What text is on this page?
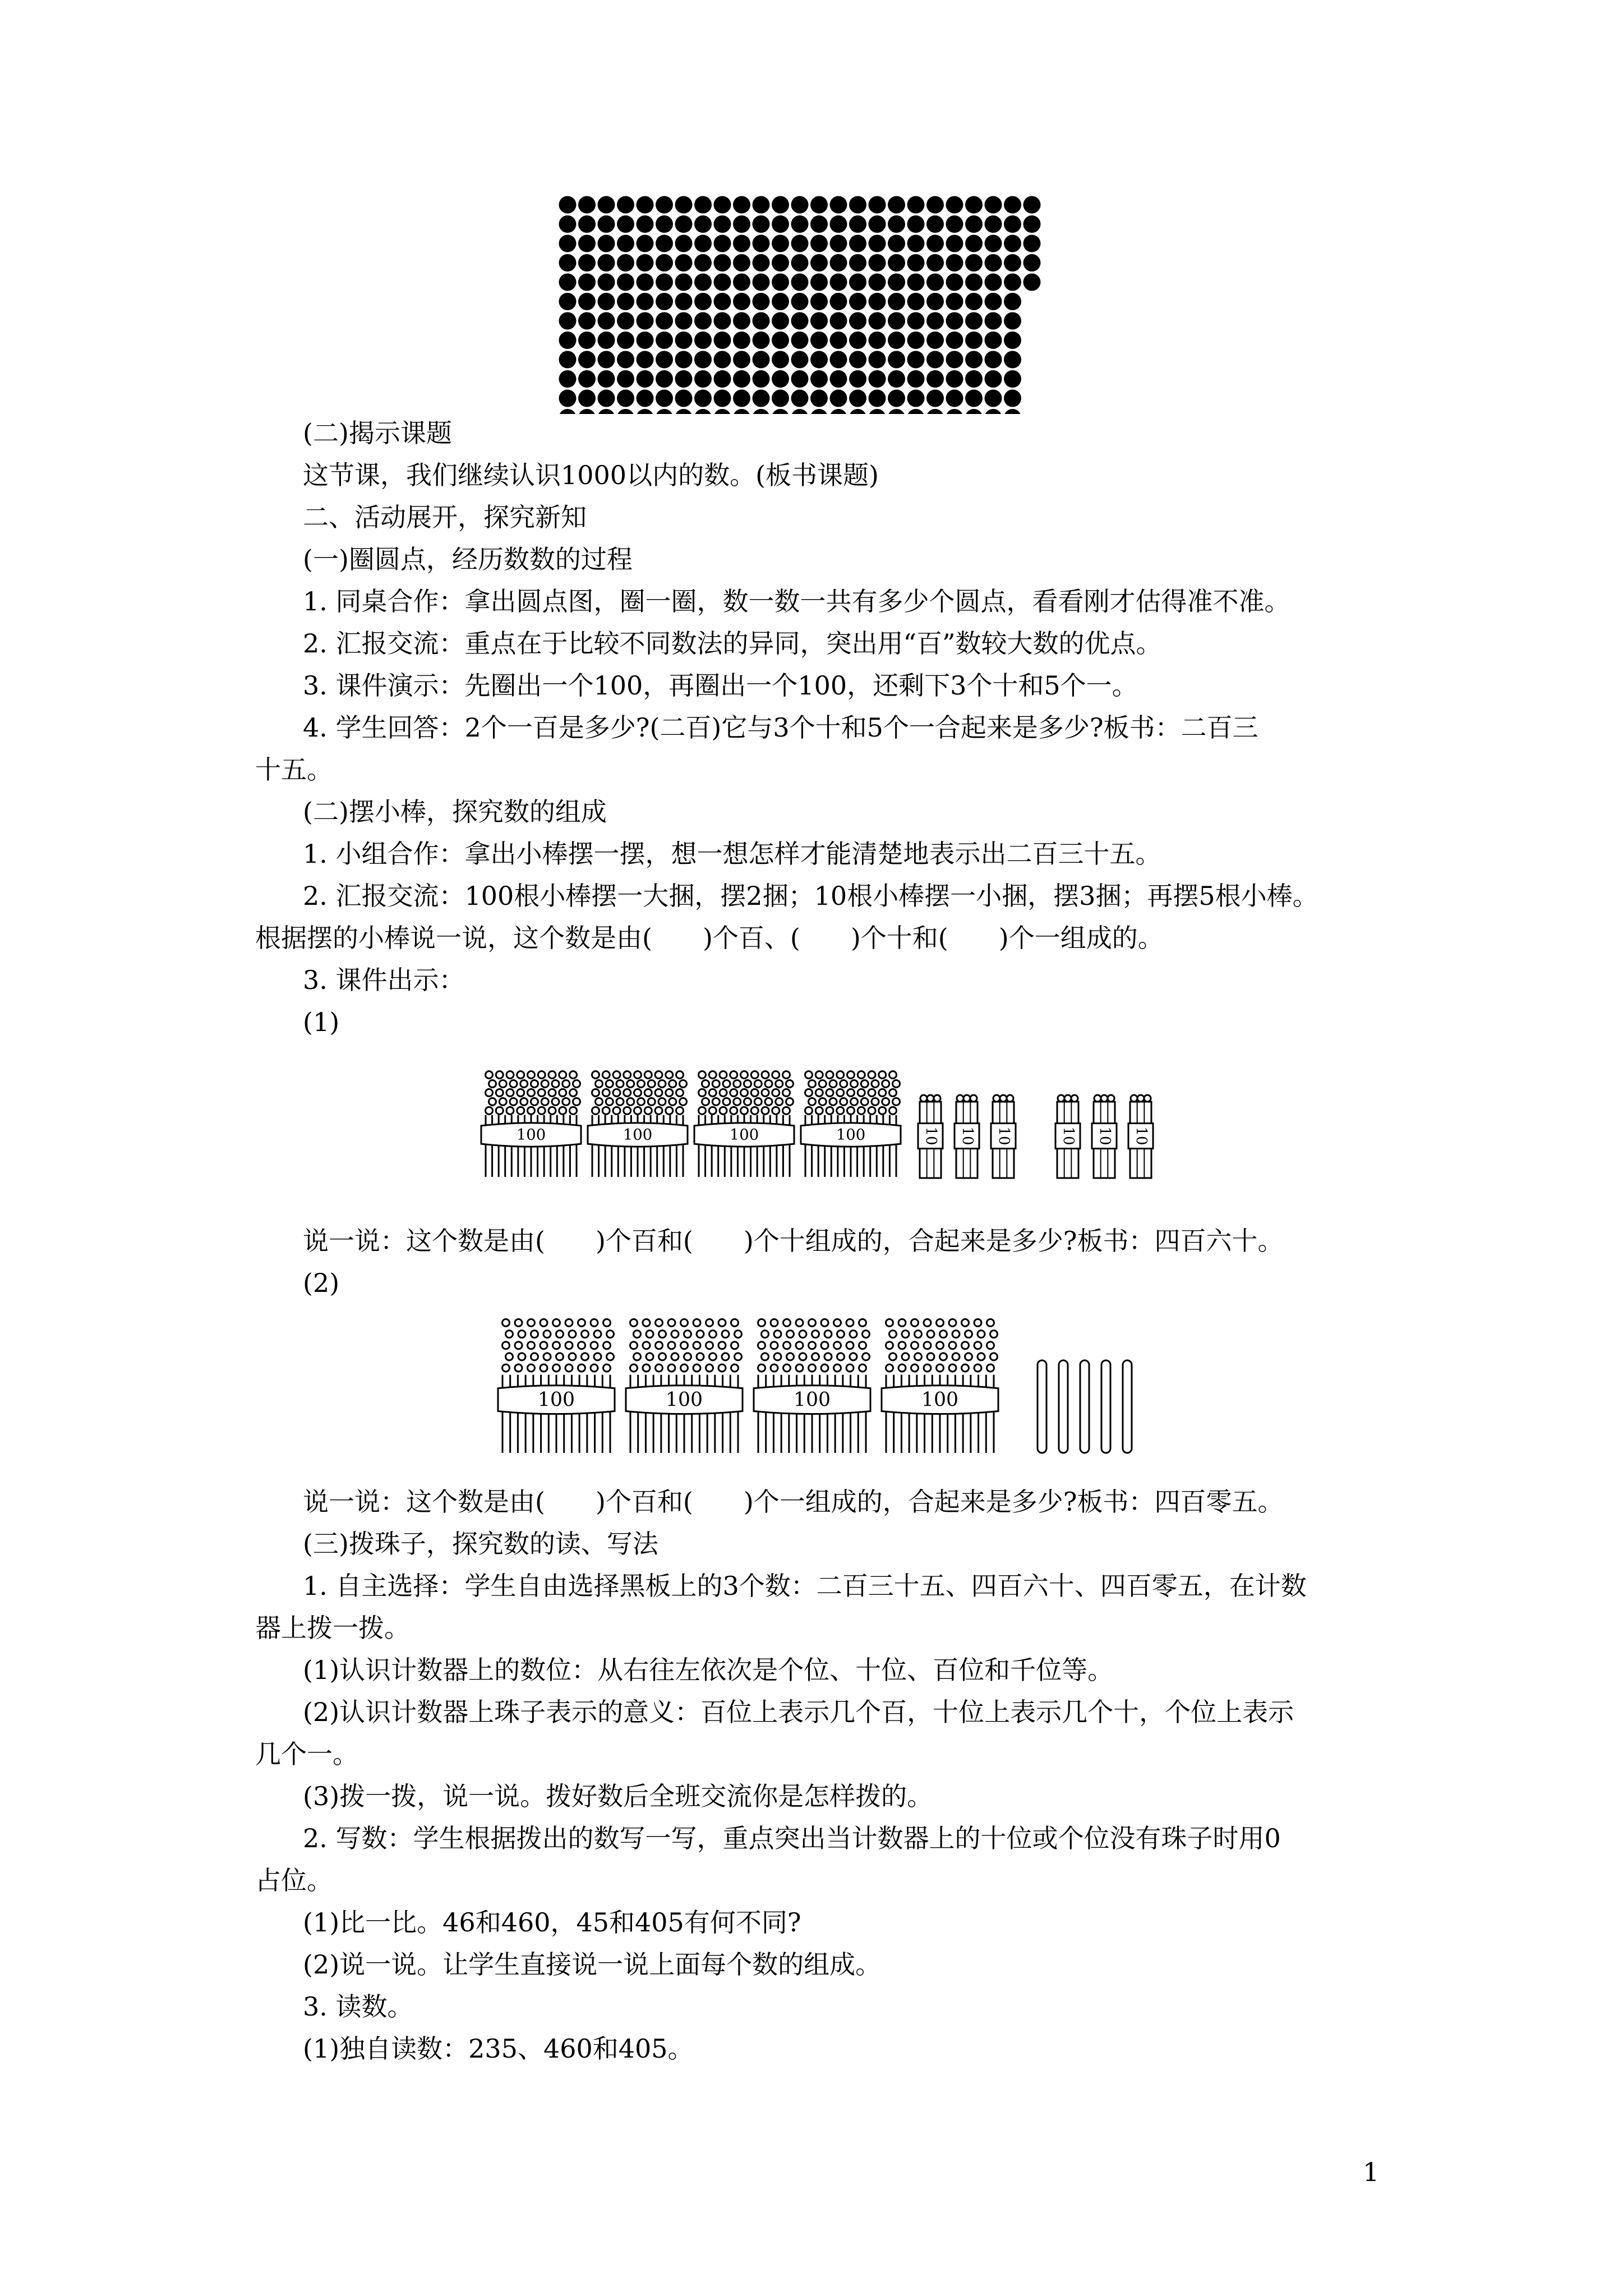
(二)揭示课题
这节课，我们继续认识1000以内的数。(板书课题)
二、活动展开，探究新知
(一)圈圆点，经历数数的过程
1. 同桌合作：拿出圆点图，圈一圈，数一数一共有多少个圆点，看看刚才估得准不准。
2. 汇报交流：重点在于比较不同数法的异同，突出用“百”数较大数的优点。
3. 课件演示：先圈出一个100，再圈出一个100，还剩下3个十和5个一。
4. 学生回答：2个一百是多少?(二百)它与3个十和5个一合起来是多少?板书：二百三
十五。
(二)摆小棒，探究数的组成
1. 小组合作：拿出小棒摆一摆，想一想怎样才能清楚地表示出二百三十五。
2. 汇报交流：100根小棒摆一大捆，摆2捆；10根小棒摆一小捆，摆3捆；再摆5根小棒。
根据摆的小棒说一说，这个数是由( )个百、( )个十和( )个一组成的。
3. 课件出示：
(1)
100	100	100	100	10 10 10	10 10 10
说一说：这个数是由( )个百和( )个十组成的，合起来是多少?板书：四百六十。
(2)
100	100	100	100
说一说：这个数是由( )个百和( )个一组成的，合起来是多少?板书：四百零五。
(三)拨珠子，探究数的读、写法
1. 自主选择：学生自由选择黑板上的3个数：二百三十五、四百六十、四百零五，在计数
器上拨一拨。
(1)认识计数器上的数位：从右往左依次是个位、十位、百位和千位等。
(2)认识计数器上珠子表示的意义：百位上表示几个百，十位上表示几个十，个位上表示
几个一。
(3)拨一拨，说一说。拨好数后全班交流你是怎样拨的。
2. 写数：学生根据拨出的数写一写，重点突出当计数器上的十位或个位没有珠子时用0
占位。
(1)比一比。46和460，45和405有何不同?
(2)说一说。让学生直接说一说上面每个数的组成。
3. 读数。
(1)独自读数：235、460和405。
1
